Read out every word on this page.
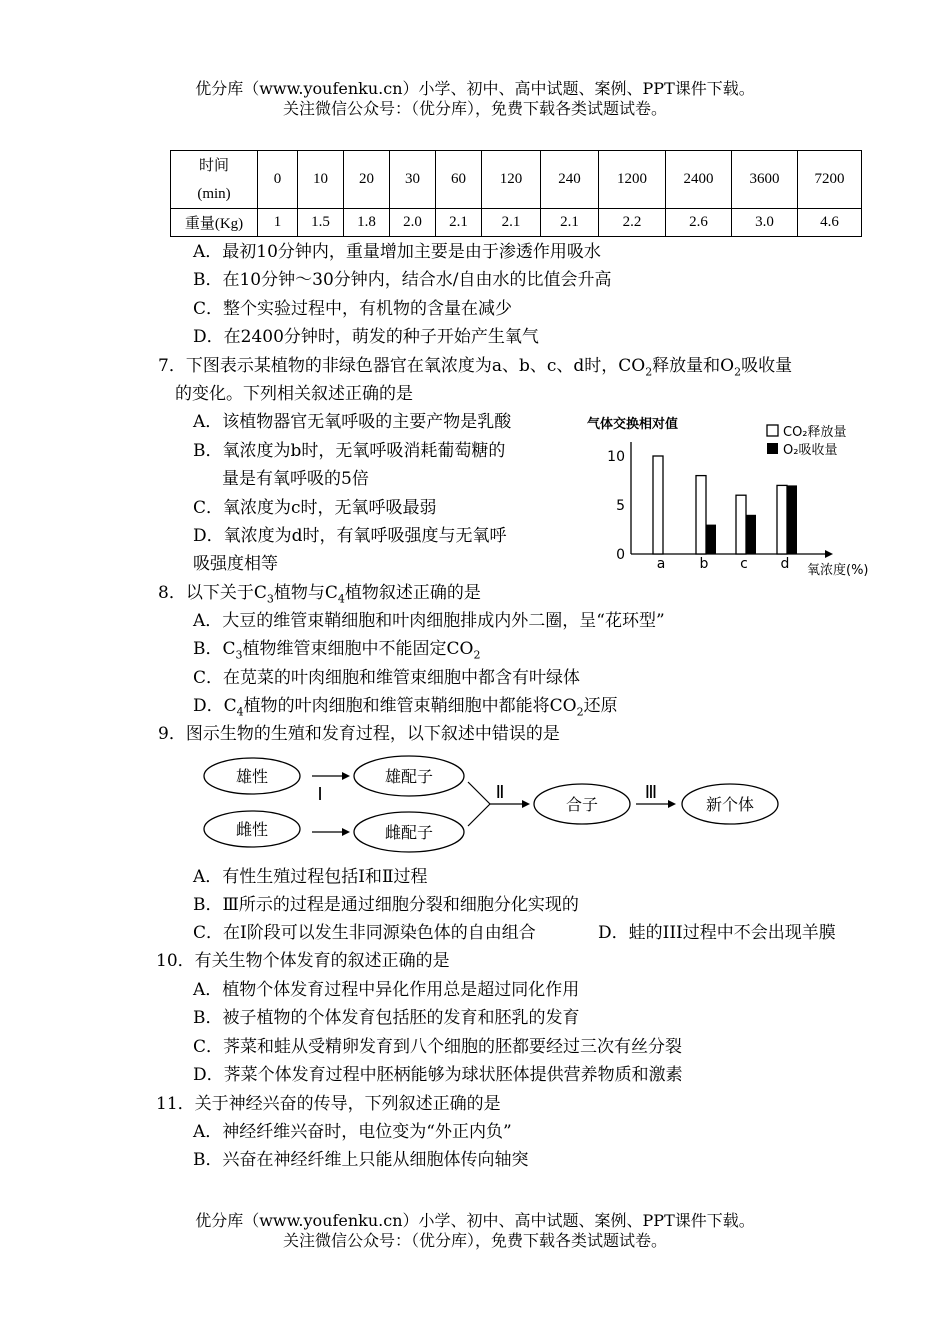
优分库（www.youfenku.cn）小学、初中、高中试题、案例、PPT课件下载。
关注微信公众号：（优分库），免费下载各类试题试卷。
时间
(min)	0	10	20	30	60	120	240	1200	2400	3600	7200
重量(Kg)	1	1.5	1.8	2.0	2.1	2.1	2.1	2.2	2.6	3.0	4.6
A．最初10分钟内，重量增加主要是由于渗透作用吸水
B．在10分钟～30分钟内，结合水/自由水的比值会升高
C．整个实验过程中，有机物的含量在减少
D．在2400分钟时，萌发的种子开始产生氧气
7．下图表示某植物的非绿色器官在氧浓度为a、b、c、d时，$CO_2$释放量和$O_2$吸收量
的变化。下列相关叙述正确的是
A．该植物器官无氧呼吸的主要产物是乳酸
B．氧浓度为b时，无氧呼吸消耗葡萄糖的
量是有氧呼吸的5倍
C．氧浓度为c时，无氧呼吸最弱
D．氧浓度为d时，有氧呼吸强度与无氧呼
吸强度相等
气体交换相对值
0
5
10
a b c d 氧浓度(%)
CO₂释放量
O₂吸收量
8．以下关于$C_3$植物与$C_4$植物叙述正确的是
A．大豆的维管束鞘细胞和叶肉细胞排成内外二圈，呈“花环型”
B．$C_3$植物维管束细胞中不能固定$CO_2$
C．在苋菜的叶肉细胞和维管束细胞中都含有叶绿体
D．$C_4$植物的叶肉细胞和维管束鞘细胞中都能将$CO_2$还原
9．图示生物的生殖和发育过程，以下叙述中错误的是
雄性
雌性
Ⅰ
雄配子
雌配子
Ⅱ
合子
Ⅲ
新个体
A．有性生殖过程包括Ⅰ和Ⅱ过程
B．Ⅲ所示的过程是通过细胞分裂和细胞分化实现的
C．在I阶段可以发生非同源染色体的自由组合	D．蛙的III过程中不会出现羊膜
10．有关生物个体发育的叙述正确的是
A．植物个体发育过程中异化作用总是超过同化作用
B．被子植物的个体发育包括胚的发育和胚乳的发育
C．荠菜和蛙从受精卵发育到八个细胞的胚都要经过三次有丝分裂
D．荠菜个体发育过程中胚柄能够为球状胚体提供营养物质和激素
11．关于神经兴奋的传导，下列叙述正确的是
A．神经纤维兴奋时，电位变为“外正内负”
B．兴奋在神经纤维上只能从细胞体传向轴突
优分库（www.youfenku.cn）小学、初中、高中试题、案例、PPT课件下载。
关注微信公众号：（优分库），免费下载各类试题试卷。
